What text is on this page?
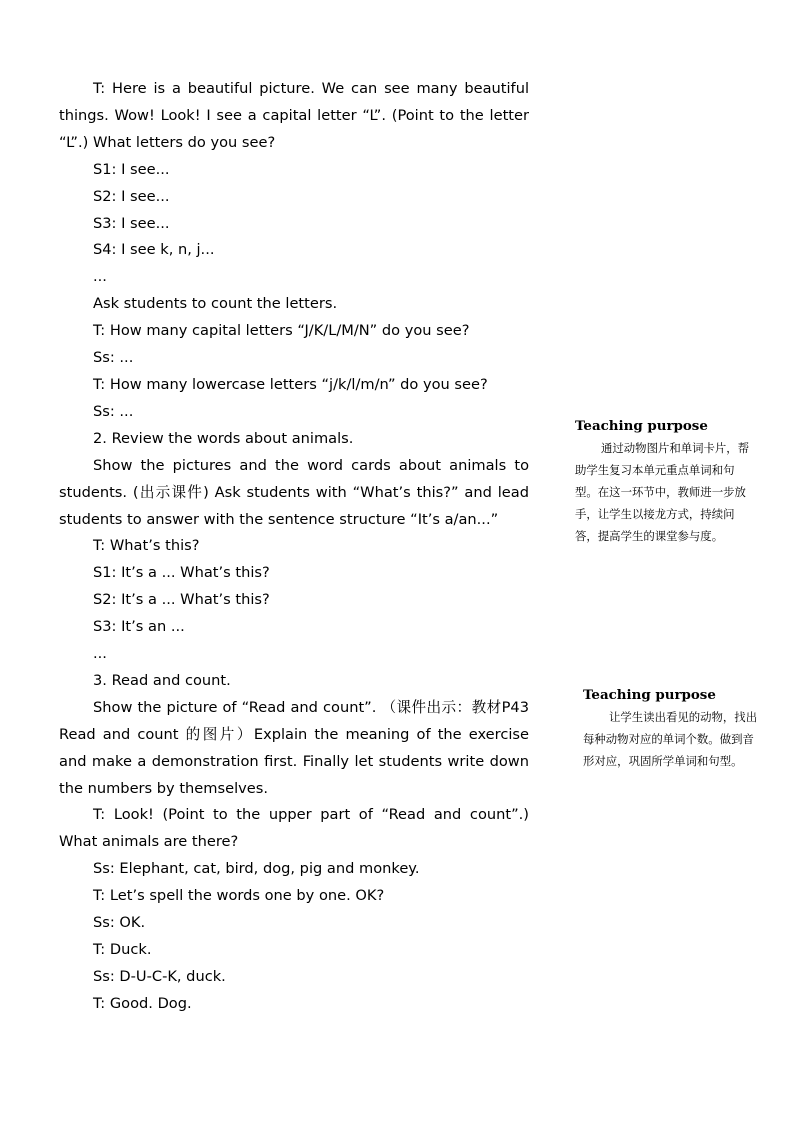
T: Here is a beautiful picture. We can see many beautiful things. Wow! Look! I see a capital letter “L”. (Point to the letter “L”.) What letters do you see?

S1: I see...

S2: I see...

S3: I see...

S4: I see k, n, j...

...

Ask students to count the letters.

T: How many capital letters “J/K/L/M/N” do you see?

Ss: ...

T: How many lowercase letters “j/k/l/m/n” do you see?

Ss: ...

2. Review the words about animals.

Show the pictures and the word cards about animals to students. (出示课件) Ask students with “What’s this?” and lead students to answer with the sentence structure “It’s a/an...”

T: What’s this?

S1: It’s a ... What’s this?

S2: It’s a ... What’s this?

S3: It’s an ...

...

3. Read and count.

Show the picture of “Read and count”. （课件出示：教材P43 Read and count 的图片）Explain the meaning of the exercise and make a demonstration first. Finally let students write down the numbers by themselves.

T: Look! (Point to the upper part of “Read and count”.) What animals are there?

Ss: Elephant, cat, bird, dog, pig and monkey.

T: Let’s spell the words one by one. OK?

Ss: OK.

T: Duck.

Ss: D-U-C-K, duck.

T: Good. Dog.

Teaching purpose

通过动物图片和单词卡片，帮助学生复习本单元重点单词和句型。在这一环节中，教师进一步放手，让学生以接龙方式，持续问答，提高学生的课堂参与度。

Teaching purpose

让学生读出看见的动物，找出每种动物对应的单词个数。做到音形对应，巩固所学单词和句型。
